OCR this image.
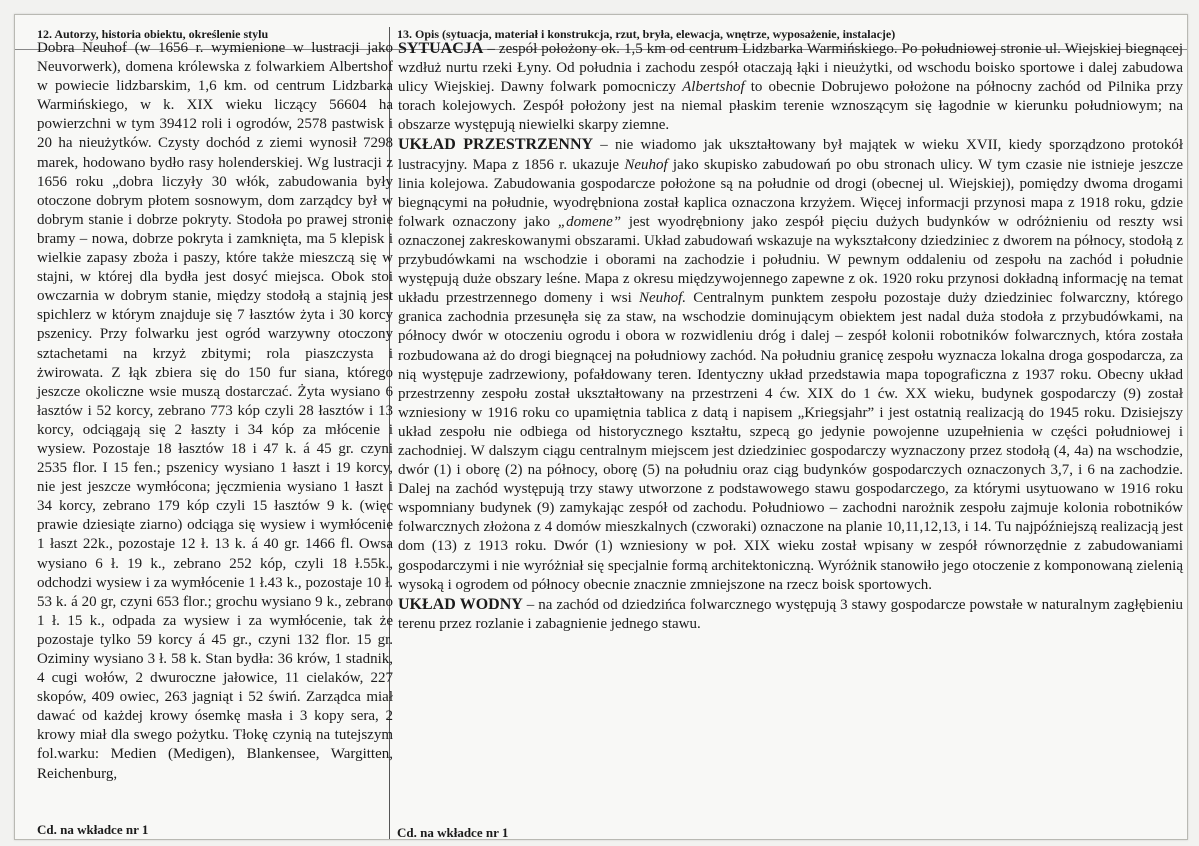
12. Autorzy, historia obiektu, określenie stylu	13. Opis (sytuacja, materiał i konstrukcja, rzut, bryła, elewacja, wnętrze, wyposażenie, instalacje)

Dobra Neuhof (w 1656 r. wymienione w lustracji jako Neuvorwerk), domena królewska z folwarkiem Albertshof w powiecie lidzbarskim, 1,6 km. od centrum Lidzbarka Warmińskiego, w k. XIX wieku liczący 56604 ha powierzchni w tym 39412 roli i ogrodów, 2578 pastwisk i 20 ha nieużytków. Czysty dochód z ziemi wynosił 7298 marek, hodowano bydło rasy holenderskiej. Wg lustracji z 1656 roku „dobra liczyły 30 włók, zabudowania były otoczone dobrym płotem sosnowym, dom zarządcy był w dobrym stanie i dobrze pokryty. Stodoła po prawej stronie bramy – nowa, dobrze pokryta i zamknięta, ma 5 klepisk i wielkie zapasy zboża i paszy, które także mieszczą się w stajni, w której dla bydła jest dosyć miejsca. Obok stoi owczarnia w dobrym stanie, między stodołą a stajnią jest spichlerz w którym znajduje się 7 łasztów żyta i 30 korcy pszenicy. Przy folwarku jest ogród warzywny otoczony sztachetami na krzyż zbitymi; rola piaszczysta i żwirowata. Z łąk zbiera się do 150 fur siana, którego jeszcze okoliczne wsie muszą dostarczać. Żyta wysiano 6 łasztów i 52 korcy, zebrano 773 kóp czyli 28 łasztów i 13 korcy, odciągają się 2 łaszty i 34 kóp za młócenie i wysiew. Pozostaje 18 łasztów 18 i 47 k. á 45 gr. czyni 2535 flor. I 15 fen.; pszenicy wysiano 1 łaszt i 19 korcy, nie jest jeszcze wymłócona; jęczmienia wysiano 1 łaszt i 34 korcy, zebrano 179 kóp czyli 15 łasztów 9 k. (więc prawie dziesiąte ziarno) odciąga się wysiew i wymłócenie 1 łaszt 22k., pozostaje 12 ł. 13 k. á 40 gr. 1466 fl. Owsa wysiano 6 ł. 19 k., zebrano 252 kóp, czyli 18 ł.55k., odchodzi wysiew i za wymłócenie 1 ł.43 k., pozostaje 10 ł. 53 k. á 20 gr, czyni 653 flor.; grochu wysiano 9 k., zebrano 1 ł. 15 k., odpada za wysiew i za wymłócenie, tak że pozostaje tylko 59 korcy á 45 gr., czyni 132 flor. 15 gr. Oziminy wysiano 3 ł. 58 k. Stan bydła: 36 krów, 1 stadnik, 4 cugi wołów, 2 dwuroczne jałowice, 11 cielaków, 227 skopów, 409 owiec, 263 jagniąt i 52 świń. Zarządca miał dawać od każdej krowy ósemkę masła i 3 kopy sera, 2 krowy miał dla swego pożytku. Tłokę czynią na tutejszym fol.warku: Medien (Medigen), Blankensee, Wargitten, Reichenburg,

SYTUACJA – zespół położony ok. 1,5 km od centrum Lidzbarka Warmińskiego. Po południowej stronie ul. Wiejskiej biegnącej wzdłuż nurtu rzeki Łyny. Od południa i zachodu zespół otaczają łąki i nieużytki, od wschodu boisko sportowe i dalej zabudowa ulicy Wiejskiej. Dawny folwark pomocniczy Albertshof to obecnie Dobrujewo położone na północny zachód od Pilnika przy torach kolejowych. Zespół położony jest na niemal płaskim terenie wznoszącym się łagodnie w kierunku południowym; na obszarze występują niewielki skarpy ziemne.

UKŁAD PRZESTRZENNY – nie wiadomo jak ukształtowany był majątek w wieku XVII, kiedy sporządzono protokół lustracyjny. Mapa z 1856 r. ukazuje Neuhof jako skupisko zabudowań po obu stronach ulicy. W tym czasie nie istnieje jeszcze linia kolejowa. Zabudowania gospodarcze położone są na południe od drogi (obecnej ul. Wiejskiej), pomiędzy dwoma drogami biegnącymi na południe, wyodrębniona został kaplica oznaczona krzyżem. Więcej informacji przynosi mapa z 1918 roku, gdzie folwark oznaczony jako „domene” jest wyodrębniony jako zespół pięciu dużych budynków w odróżnieniu od reszty wsi oznaczonej zakreskowanymi obszarami. Układ zabudowań wskazuje na wykształcony dziedziniec z dworem na północy, stodołą z przybudówkami na wschodzie i oborami na zachodzie i południu. W pewnym oddaleniu od zespołu na zachód i południe występują duże obszary leśne. Mapa z okresu międzywojennego zapewne z ok. 1920 roku przynosi dokładną informację na temat układu przestrzennego domeny i wsi Neuhof. Centralnym punktem zespołu pozostaje duży dziedziniec folwarczny, którego granica zachodnia przesunęła się za staw, na wschodzie dominującym obiektem jest nadal duża stodoła z przybudówkami, na północy dwór w otoczeniu ogrodu i obora w rozwidleniu dróg i dalej – zespół kolonii robotników folwarcznych, która została rozbudowana aż do drogi biegnącej na południowy zachód. Na południu granicę zespołu wyznacza lokalna droga gospodarcza, za nią występuje zadrzewiony, pofałdowany teren. Identyczny układ przedstawia mapa topograficzna z 1937 roku. Obecny układ przestrzenny zespołu został ukształtowany na przestrzeni 4 ćw. XIX do 1 ćw. XX wieku, budynek gospodarczy (9) został wzniesiony w 1916 roku co upamiętnia tablica z datą i napisem „Kriegsjahr” i jest ostatnią realizacją do 1945 roku. Dzisiejszy układ zespołu nie odbiega od historycznego kształtu, szpecą go jedynie powojenne uzupełnienia w części południowej i zachodniej. W dalszym ciągu centralnym miejscem jest dziedziniec gospodarczy wyznaczony przez stodołą (4, 4a) na wschodzie, dwór (1) i oborę (2) na północy, oborę (5) na południu oraz ciąg budynków gospodarczych oznaczonych 3,7, i 6 na zachodzie. Dalej na zachód występują trzy stawy utworzone z podstawowego stawu gospodarczego, za którymi usytuowano w 1916 roku wspomniany budynek (9) zamykając zespół od zachodu. Południowo – zachodni narożnik zespołu zajmuje kolonia robotników folwarcznych złożona z 4 domów mieszkalnych (czworaki) oznaczone na planie 10,11,12,13, i 14. Tu najpóźniejszą realizacją jest dom (13) z 1913 roku. Dwór (1) wzniesiony w poł. XIX wieku został wpisany w zespół równorzędnie z zabudowaniami gospodarczymi i nie wyróżniał się specjalnie formą architektoniczną. Wyróżnik stanowiło jego otoczenie z komponowaną zielenią wysoką i ogrodem od północy obecnie znacznie zmniejszone na rzecz boisk sportowych.

UKŁAD WODNY – na zachód od dziedzińca folwarcznego występują 3 stawy gospodarcze powstałe w naturalnym zagłębieniu terenu przez rozlanie i zabagnienie jednego stawu.

Cd. na wkładce nr 1	Cd. na wkładce nr 1
